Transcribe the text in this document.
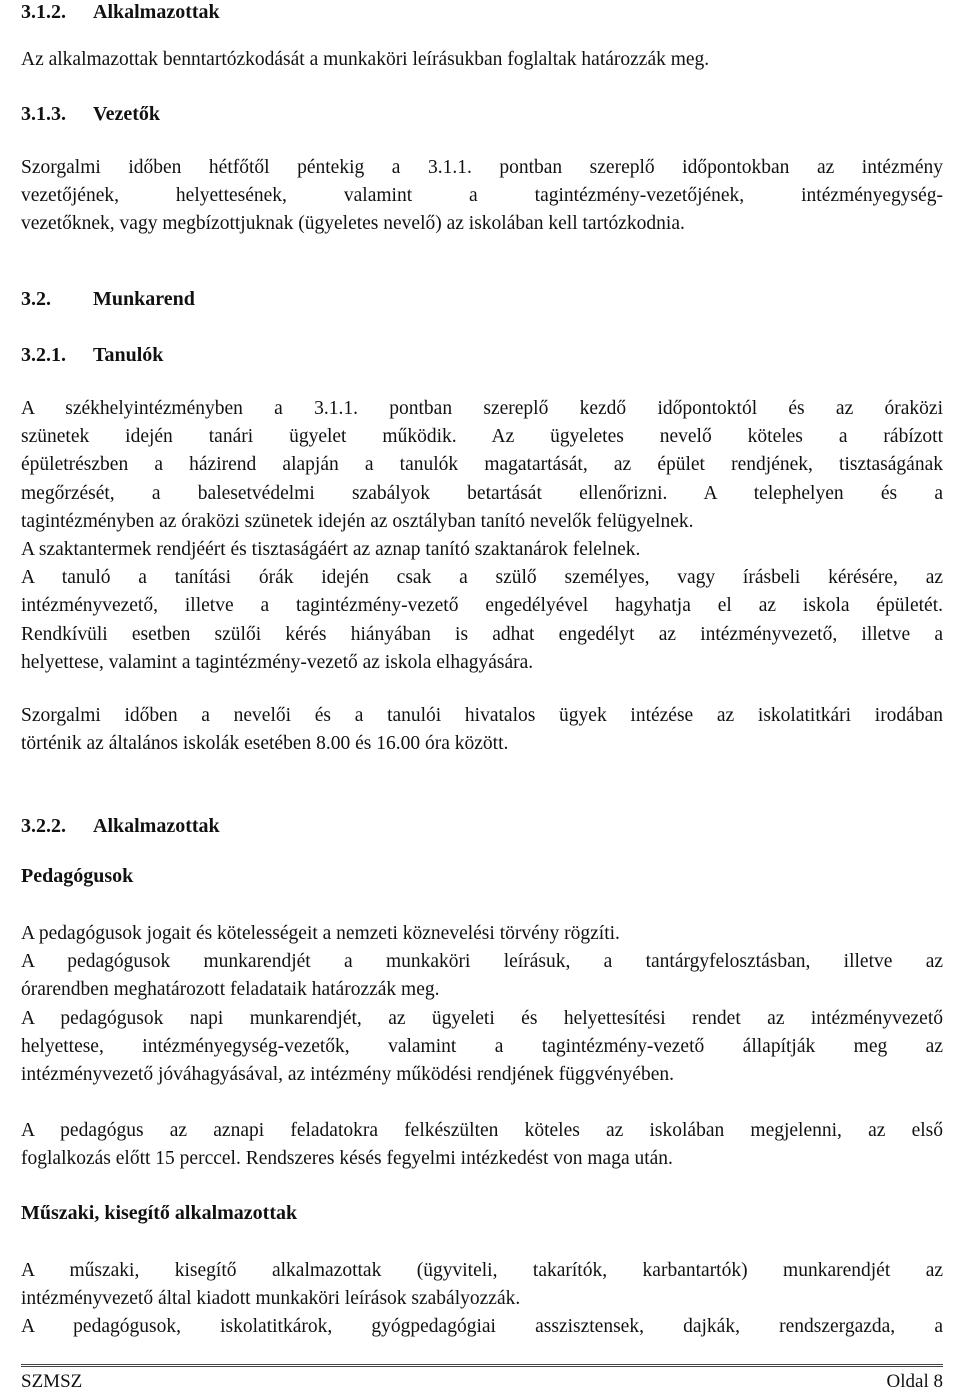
3.1.2. Alkalmazottak
Az alkalmazottak benntartózkodását a munkaköri leírásukban foglaltak határozzák meg.
3.1.3. Vezetők
Szorgalmi időben hétfőtől péntekig a 3.1.1. pontban szereplő időpontokban az intézmény
vezetőjének, helyettesének, valamint a tagintézmény-vezetőjének, intézményegység-
vezetőknek, vagy megbízottjuknak (ügyeletes nevelő) az iskolában kell tartózkodnia.
3.2. Munkarend
3.2.1. Tanulók
A székhelyintézményben a 3.1.1. pontban szereplő kezdő időpontoktól és az óraközi
szünetek idején tanári ügyelet működik. Az ügyeletes nevelő köteles a rábízott
épületrészben a házirend alapján a tanulók magatartását, az épület rendjének, tisztaságának
megőrzését, a balesetvédelmi szabályok betartását ellenőrizni. A telephelyen és a
tagintézményben az óraközi szünetek idején az osztályban tanító nevelők felügyelnek.
A szaktantermek rendjéért és tisztaságáért az aznap tanító szaktanárok felelnek.
A tanuló a tanítási órák idején csak a szülő személyes, vagy írásbeli kérésére, az
intézményvezető, illetve a tagintézmény-vezető engedélyével hagyhatja el az iskola épületét.
Rendkívüli esetben szülői kérés hiányában is adhat engedélyt az intézményvezető, illetve a
helyettese, valamint a tagintézmény-vezető az iskola elhagyására.
Szorgalmi időben a nevelői és a tanulói hivatalos ügyek intézése az iskolatitkári irodában
történik az általános iskolák esetében 8.00 és 16.00 óra között.
3.2.2. Alkalmazottak
Pedagógusok
A pedagógusok jogait és kötelességeit a nemzeti köznevelési törvény rögzíti.
A pedagógusok munkarendjét a munkaköri leírásuk, a tantárgyfelosztásban, illetve az
órarendben meghatározott feladataik határozzák meg.
A pedagógusok napi munkarendjét, az ügyeleti és helyettesítési rendet az intézményvezető
helyettese, intézményegység-vezetők, valamint a tagintézmény-vezető állapítják meg az
intézményvezető jóváhagyásával, az intézmény működési rendjének függvényében.
A pedagógus az aznapi feladatokra felkészülten köteles az iskolában megjelenni, az első
foglalkozás előtt 15 perccel. Rendszeres késés fegyelmi intézkedést von maga után.
Műszaki, kisegítő alkalmazottak
A műszaki, kisegítő alkalmazottak (ügyviteli, takarítók, karbantartók) munkarendjét az
intézményvezető által kiadott munkaköri leírások szabályozzák.
A pedagógusok, iskolatitkárok, gyógpedagógiai asszisztensek, dajkák, rendszergazda, a
SZMSZ	Oldal 8
